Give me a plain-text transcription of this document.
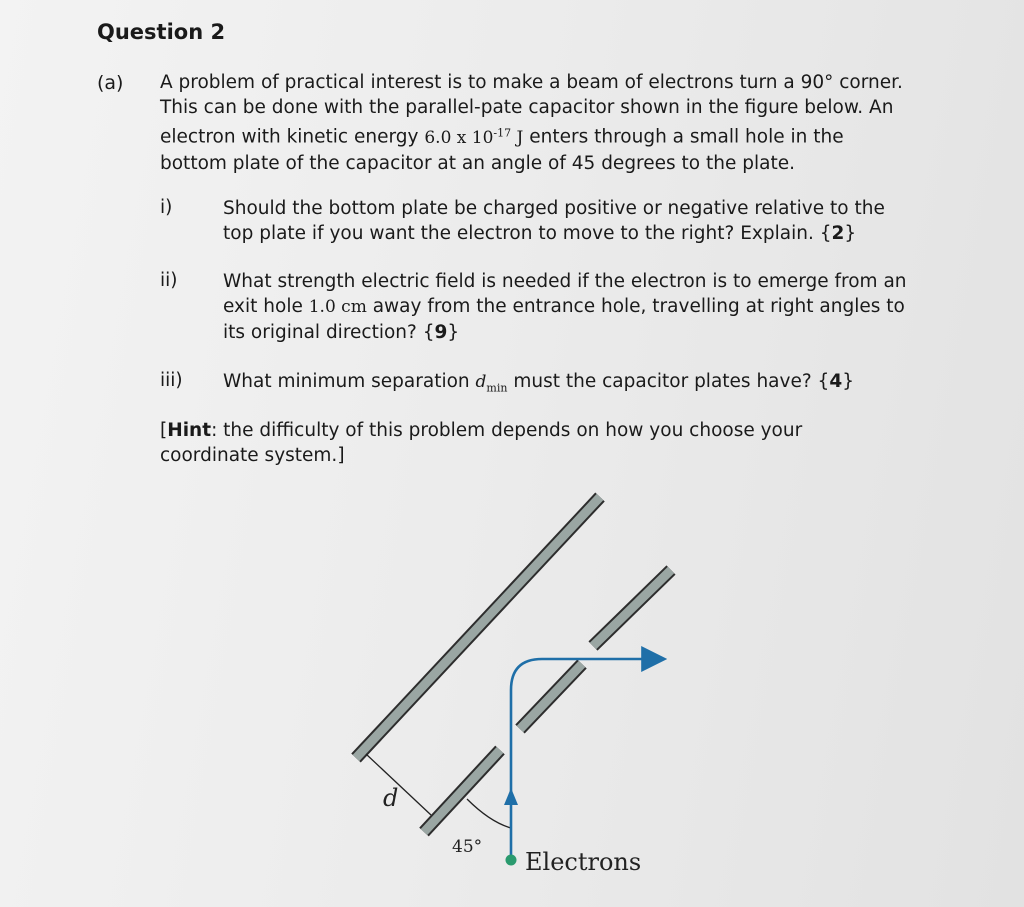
Question 2
(a) A problem of practical interest is to make a beam of electrons turn a 90° corner.
This can be done with the parallel-pate capacitor shown in the figure below. An
electron with kinetic energy 6.0 x $10^{-17}$ J enters through a small hole in the
bottom plate of the capacitor at an angle of 45 degrees to the plate.
i)	Should the bottom plate be charged positive or negative relative to the
top plate if you want the electron to move to the right? Explain. {2}
ii) What strength electric field is needed if the electron is to emerge from an
exit hole 1.0 cm away from the entrance hole, travelling at right angles to
its original direction? {9}
iii) What minimum separation $d_{min}$ must the capacitor plates have? {4}
[Hint: the difficulty of this problem depends on how you choose your
coordinate system.]
d
45°
Electrons
